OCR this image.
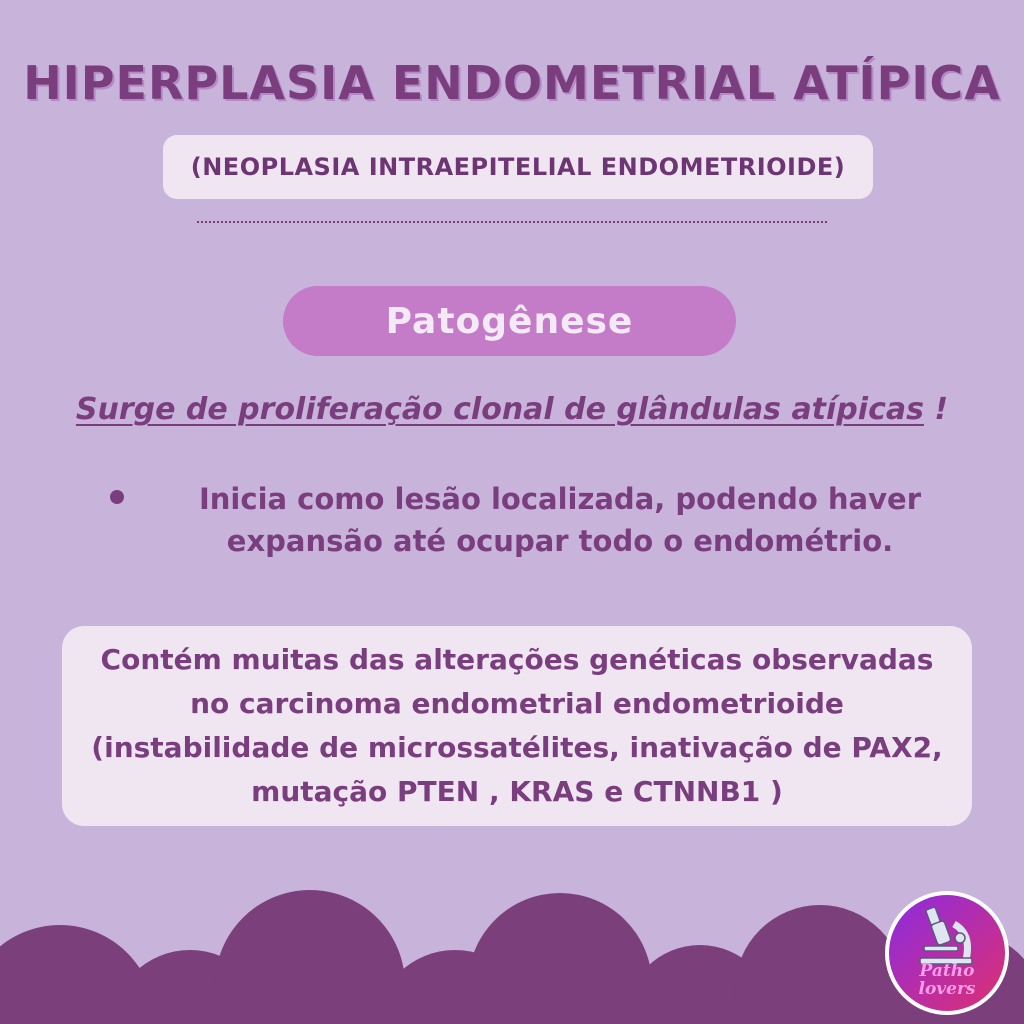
HIPERPLASIA ENDOMETRIAL ATÍPICA
(NEOPLASIA INTRAEPITELIAL ENDOMETRIOIDE)
Patogênese
Surge de proliferação clonal de glândulas atípicas !
Inicia como lesão localizada, podendo haver expansão até ocupar todo o endométrio.
Contém muitas das alterações genéticas observadas no carcinoma endometrial endometrioide (instabilidade de microssatélites, inativação de PAX2, mutação PTEN , KRAS e CTNNB1 )
Patho
lovers
